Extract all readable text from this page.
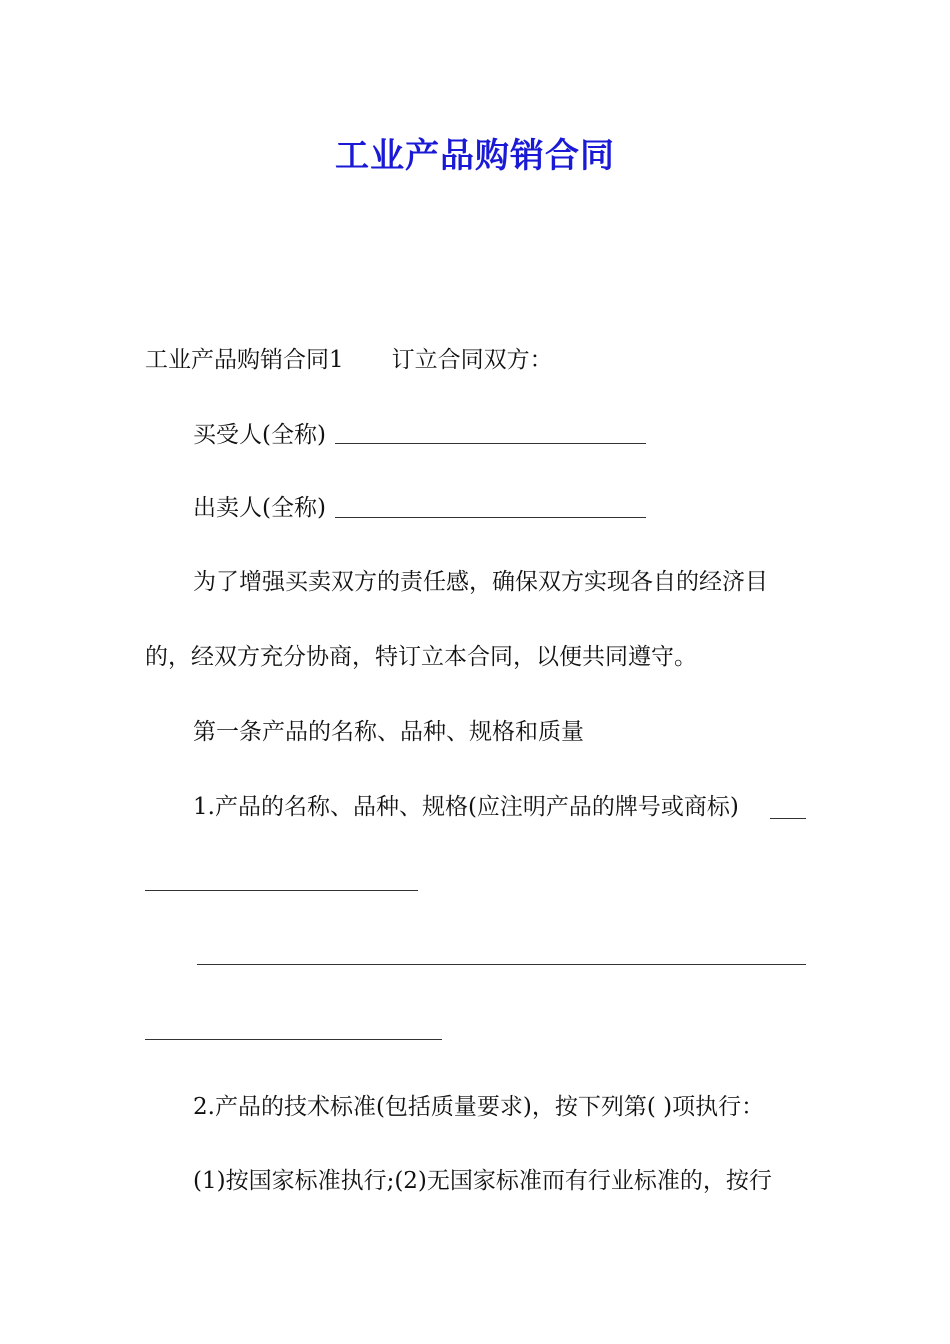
工业产品购销合同
工业产品购销合同1 订立合同双方：
买受人(全称)
出卖人(全称)
为了增强买卖双方的责任感，确保双方实现各自的经济目
的，经双方充分协商，特订立本合同，以便共同遵守。
第一条产品的名称、品种、规格和质量
1.产品的名称、品种、规格(应注明产品的牌号或商标)
2.产品的技术标准(包括质量要求)，按下列第( )项执行：
(1)按国家标准执行;(2)无国家标准而有行业标准的，按行
